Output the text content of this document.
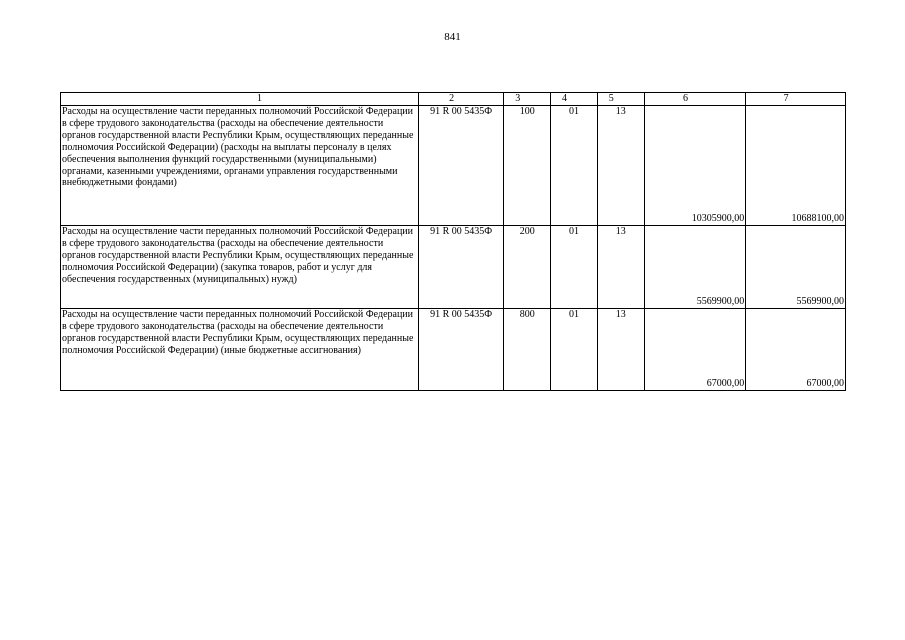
841
1	2	3	4	5	6	7
Расходы на осуществление части переданных полномочий Российской Федерации в сфере трудового законодательства (расходы на обеспечение деятельности органов государственной власти Республики Крым, осуществляющих переданные полномочия Российской Федерации) (расходы на выплаты персоналу в целях обеспечения выполнения функций государственными (муниципальными) органами, казенными учреждениями, органами управления государственными внебюджетными фондами)	91 R 00 5435Ф	100	01	13	10305900,00	10688100,00
Расходы на осуществление части переданных полномочий Российской Федерации в сфере трудового законодательства (расходы на обеспечение деятельности органов государственной власти Республики Крым, осуществляющих переданные полномочия Российской Федерации) (закупка товаров, работ и услуг для обеспечения государственных (муниципальных) нужд)	91 R 00 5435Ф	200	01	13	5569900,00	5569900,00
Расходы на осуществление части переданных полномочий Российской Федерации в сфере трудового законодательства (расходы на обеспечение деятельности органов государственной власти Республики Крым, осуществляющих переданные полномочия Российской Федерации) (иные бюджетные ассигнования)	91 R 00 5435Ф	800	01	13	67000,00	67000,00
